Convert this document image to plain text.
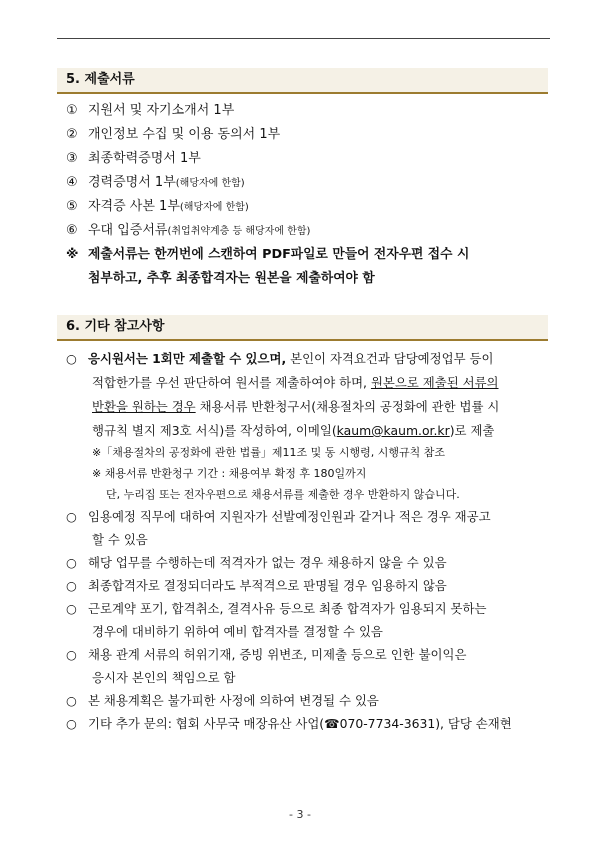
5. 제출서류
① 지원서 및 자기소개서 1부
② 개인정보 수집 및 이용 동의서 1부
③ 최종학력증명서 1부
④ 경력증명서 1부(해당자에 한함)
⑤ 자격증 사본 1부(해당자에 한함)
⑥ 우대 입증서류(취업취약계층 등 해당자에 한함)
※ 제출서류는 한꺼번에 스캔하여 PDF파일로 만들어 전자우편 접수 시
첨부하고, 추후 최종합격자는 원본을 제출하여야 함
6. 기타 참고사항
○ 응시원서는 1회만 제출할 수 있으며, 본인이 자격요건과 담당예정업무 등이
적합한가를 우선 판단하여 원서를 제출하여야 하며, 원본으로 제출된 서류의
반환을 원하는 경우 채용서류 반환청구서(채용절차의 공정화에 관한 법률 시
행규칙 별지 제3호 서식)를 작성하여, 이메일(kaum@kaum.or.kr)로 제출
※「채용절차의 공정화에 관한 법률」제11조 및 동 시행령, 시행규칙 참조
※ 채용서류 반환청구 기간 : 채용여부 확정 후 180일까지
단, 누리집 또는 전자우편으로 채용서류를 제출한 경우 반환하지 않습니다.
○ 임용예정 직무에 대하여 지원자가 선발예정인원과 같거나 적은 경우 재공고
할 수 있음
○ 해당 업무를 수행하는데 적격자가 없는 경우 채용하지 않을 수 있음
○ 최종합격자로 결정되더라도 부적격으로 판명될 경우 임용하지 않음
○ 근로계약 포기, 합격취소, 결격사유 등으로 최종 합격자가 임용되지 못하는
경우에 대비하기 위하여 예비 합격자를 결정할 수 있음
○ 채용 관계 서류의 허위기재, 증빙 위변조, 미제출 등으로 인한 불이익은
응시자 본인의 책임으로 함
○ 본 채용계획은 불가피한 사정에 의하여 변경될 수 있음
○ 기타 추가 문의: 협회 사무국 매장유산 사업(☎070-7734-3631), 담당 손재현
- 3 -
